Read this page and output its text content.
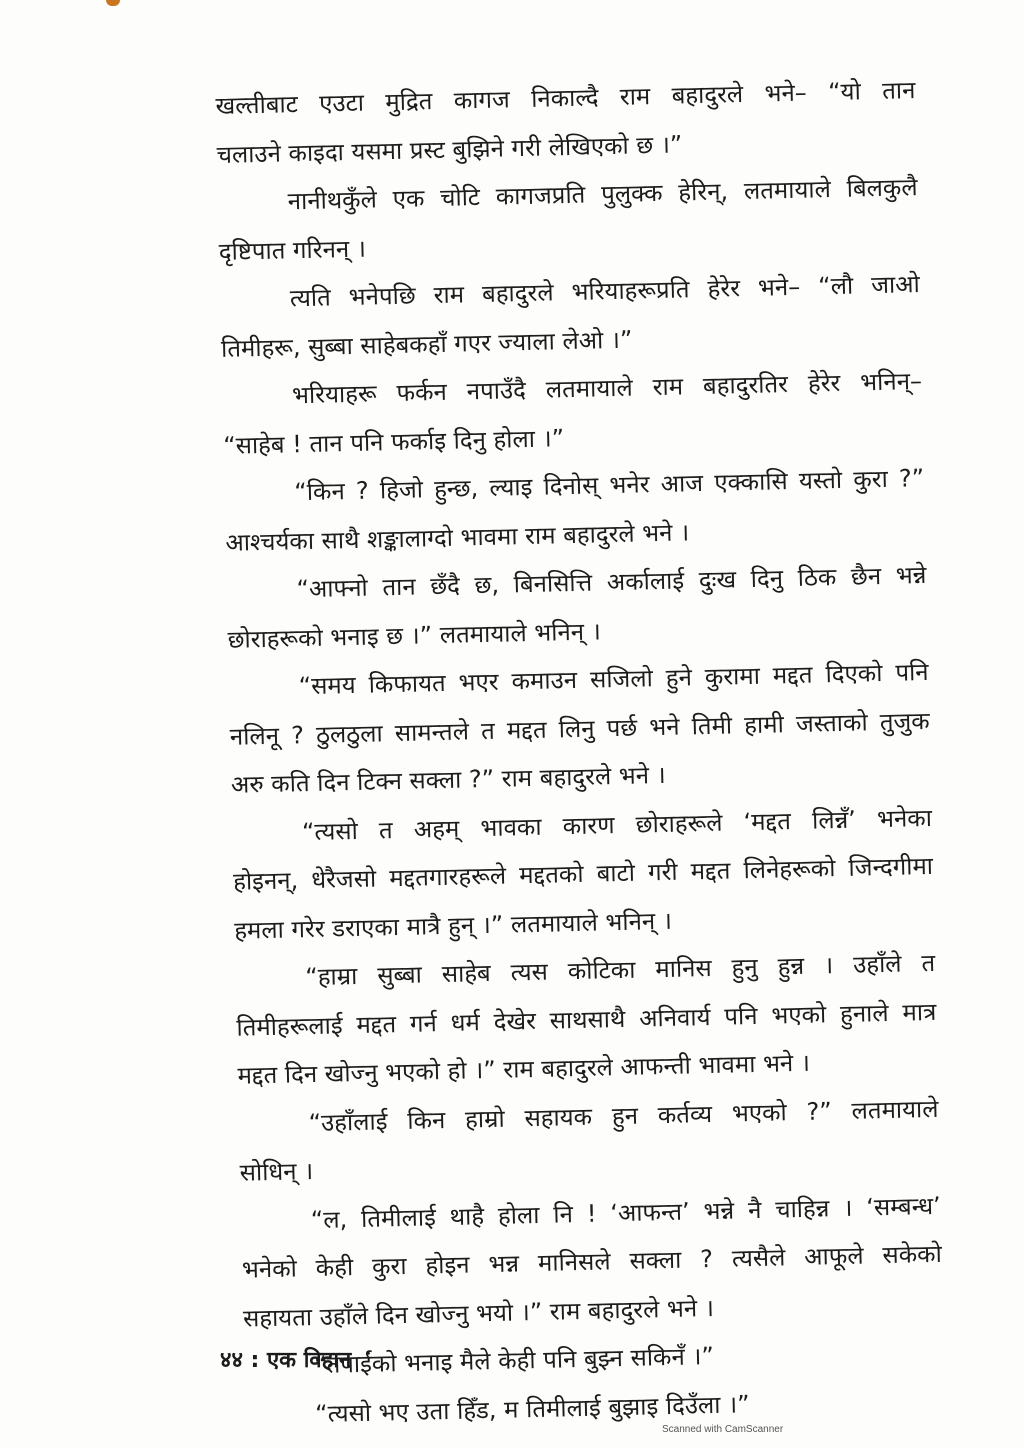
खल्तीबाट एउटा मुद्रित कागज निकाल्दै राम बहादुरले भने– “यो तान
चलाउने काइदा यसमा प्रस्ट बुझिने गरी लेखिएको छ ।”
नानीथकुँले एक चोटि कागजप्रति पुलुक्क हेरिन्, लतमायाले बिलकुलै
दृष्टिपात गरिनन् ।
त्यति भनेपछि राम बहादुरले भरियाहरूप्रति हेरेर भने– “लौ जाओ
तिमीहरू, सुब्बा साहेबकहाँ गएर ज्याला लेओ ।”
भरियाहरू फर्कन नपाउँदै लतमायाले राम बहादुरतिर हेरेर भनिन्–
“साहेब ! तान पनि फर्काइ दिनु होला ।”
“किन ? हिजो हुन्छ, ल्याइ दिनोस् भनेर आज एक्कासि यस्तो कुरा ?”
आश्चर्यका साथै शङ्कालाग्दो भावमा राम बहादुरले भने ।
“आफ्नो तान छँदै छ, बिनसित्ति अर्कालाई दुःख दिनु ठिक छैन भन्ने
छोराहरूको भनाइ छ ।” लतमायाले भनिन् ।
“समय किफायत भएर कमाउन सजिलो हुने कुरामा मद्दत दिएको पनि
नलिनू ? ठुलठुला सामन्तले त मद्दत लिनु पर्छ भने तिमी हामी जस्ताको तुजुक
अरु कति दिन टिक्न सक्ला ?” राम बहादुरले भने ।
“त्यसो त अहम् भावका कारण छोराहरूले ‘मद्दत लिन्नँ’ भनेका
होइनन्, धेरैजसो मद्दतगारहरूले मद्दतको बाटो गरी मद्दत लिनेहरूको जिन्दगीमा
हमला गरेर डराएका मात्रै हुन् ।” लतमायाले भनिन् ।
“हाम्रा सुब्बा साहेब त्यस कोटिका मानिस हुनु हुन्न । उहाँले त
तिमीहरूलाई मद्दत गर्न धर्म देखेर साथसाथै अनिवार्य पनि भएको हुनाले मात्र
मद्दत दिन खोज्नु भएको हो ।” राम बहादुरले आफन्ती भावमा भने ।
“उहाँलाई किन हाम्रो सहायक हुन कर्तव्य भएको ?” लतमायाले
सोधिन् ।
“ल, तिमीलाई थाहै होला नि ! ‘आफन्त’ भन्ने नै चाहिन्न । ‘सम्बन्ध’
भनेको केही कुरा होइन भन्न मानिसले सक्ला ? त्यसैले आफूले सकेको
सहायता उहाँले दिन खोज्नु भयो ।” राम बहादुरले भने ।
“तपाईंको भनाइ मैले केही पनि बुझ्न सकिनँ ।”
“त्यसो भए उता हिँड, म तिमीलाई बुझाइ दिउँला ।”
४४ : एक विहान
Scanned with CamScanner
